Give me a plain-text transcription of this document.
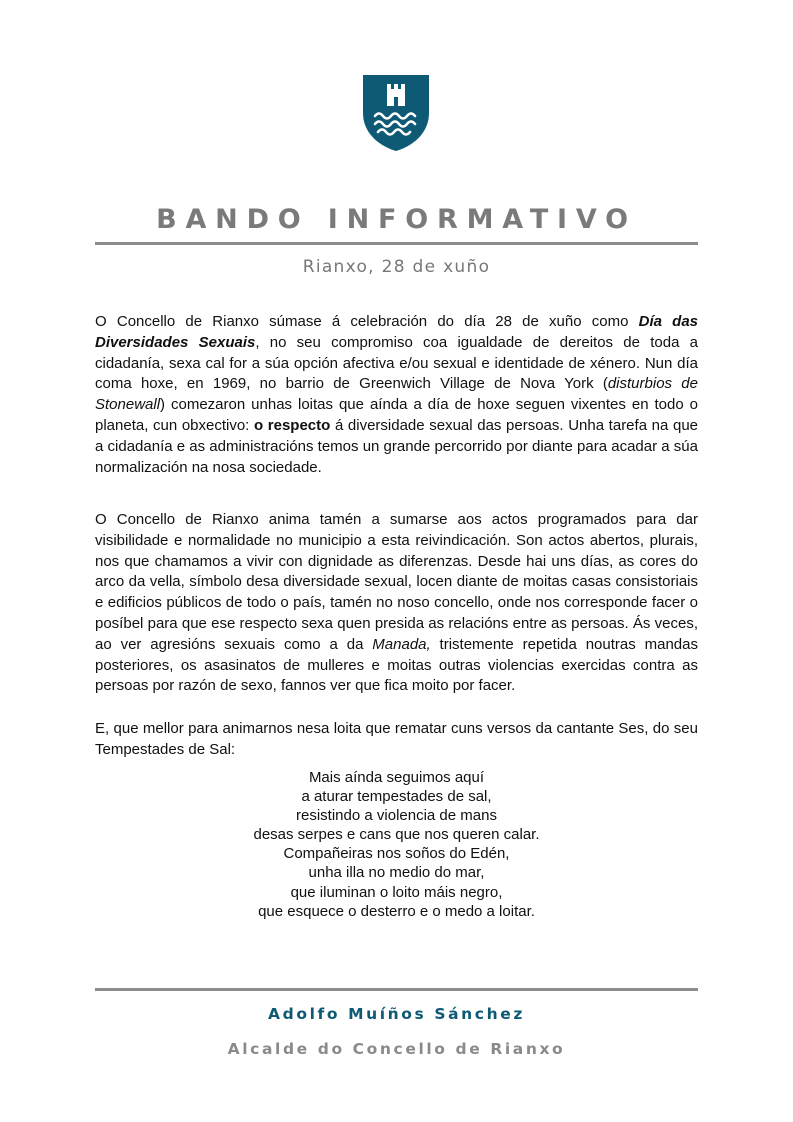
BANDO INFORMATIVO
Rianxo, 28 de xuño

O Concello de Rianxo súmase á celebración do día 28 de xuño como Día das Diversidades Sexuais, no seu compromiso coa igualdade de dereitos de toda a cidadanía, sexa cal for a súa opción afectiva e/ou sexual e identidade de xénero. Nun día coma hoxe, en 1969, no barrio de Greenwich Village de Nova York (disturbios de Stonewall) comezaron unhas loitas que aínda a día de hoxe seguen vixentes en todo o planeta, cun obxectivo: o respecto á diversidade sexual das persoas. Unha tarefa na que a cidadanía e as administracións temos un grande percorrido por diante para acadar a súa normalización na nosa sociedade.

O Concello de Rianxo anima tamén a sumarse aos actos programados para dar visibilidade e normalidade no municipio a esta reivindicación. Son actos abertos, plurais, nos que chamamos a vivir con dignidade as diferenzas. Desde hai uns días, as cores do arco da vella, símbolo desa diversidade sexual, locen diante de moitas casas consistoriais e edificios públicos de todo o país, tamén no noso concello, onde nos corresponde facer o posíbel para que ese respecto sexa quen presida as relacións entre as persoas. Ás veces, ao ver agresións sexuais como a da Manada, tristemente repetida noutras mandas posteriores, os asasinatos de mulleres e moitas outras violencias exercidas contra as persoas por razón de sexo, fannos ver que fica moito por facer.

E, que mellor para animarnos nesa loita que rematar cuns versos da cantante Ses, do seu Tempestades de Sal:

Mais aínda seguimos aquí
a aturar tempestades de sal,
resistindo a violencia de mans
desas serpes e cans que nos queren calar.
Compañeiras nos soños do Edén,
unha illa no medio do mar,
que iluminan o loito máis negro,
que esquece o desterro e o medo a loitar.
Adolfo Muíños Sánchez
Alcalde do Concello de Rianxo
